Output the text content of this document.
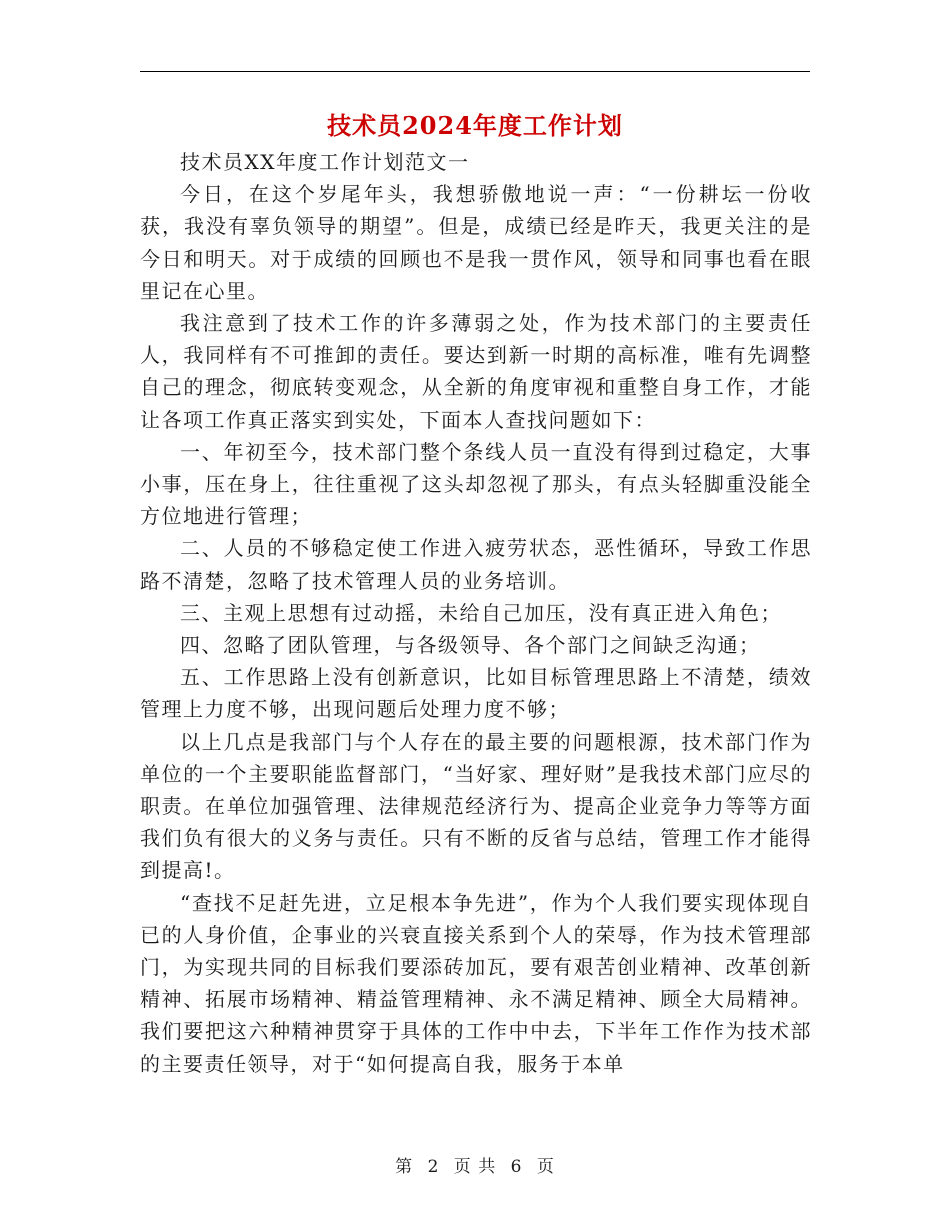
技术员2024年度工作计划

技术员XX年度工作计划范文一

今日，在这个岁尾年头，我想骄傲地说一声：“一份耕坛一份收获，我没有辜负领导的期望”。但是，成绩已经是昨天，我更关注的是今日和明天。对于成绩的回顾也不是我一贯作风，领导和同事也看在眼里记在心里。

我注意到了技术工作的许多薄弱之处，作为技术部门的主要责任人，我同样有不可推卸的责任。要达到新一时期的高标准，唯有先调整自己的理念，彻底转变观念，从全新的角度审视和重整自身工作，才能让各项工作真正落实到实处，下面本人查找问题如下：

一、年初至今，技术部门整个条线人员一直没有得到过稳定，大事小事，压在身上，往往重视了这头却忽视了那头，有点头轻脚重没能全方位地进行管理；

二、人员的不够稳定使工作进入疲劳状态，恶性循环，导致工作思路不清楚，忽略了技术管理人员的业务培训。

三、主观上思想有过动摇，未给自己加压，没有真正进入角色；

四、忽略了团队管理，与各级领导、各个部门之间缺乏沟通；

五、工作思路上没有创新意识，比如目标管理思路上不清楚，绩效管理上力度不够，出现问题后处理力度不够；

以上几点是我部门与个人存在的最主要的问题根源，技术部门作为单位的一个主要职能监督部门，“当好家、理好财”是我技术部门应尽的职责。在单位加强管理、法律规范经济行为、提高企业竞争力等等方面我们负有很大的义务与责任。只有不断的反省与总结，管理工作才能得到提高!。

“查找不足赶先进，立足根本争先进”，作为个人我们要实现体现自已的人身价值，企事业的兴衰直接关系到个人的荣辱，作为技术管理部门，为实现共同的目标我们要添砖加瓦，要有艰苦创业精神、改革创新精神、拓展市场精神、精益管理精神、永不满足精神、顾全大局精神。我们要把这六种精神贯穿于具体的工作中中去，下半年工作作为技术部的主要责任领导，对于“如何提高自我，服务于本单

第 2 页 共 6 页
